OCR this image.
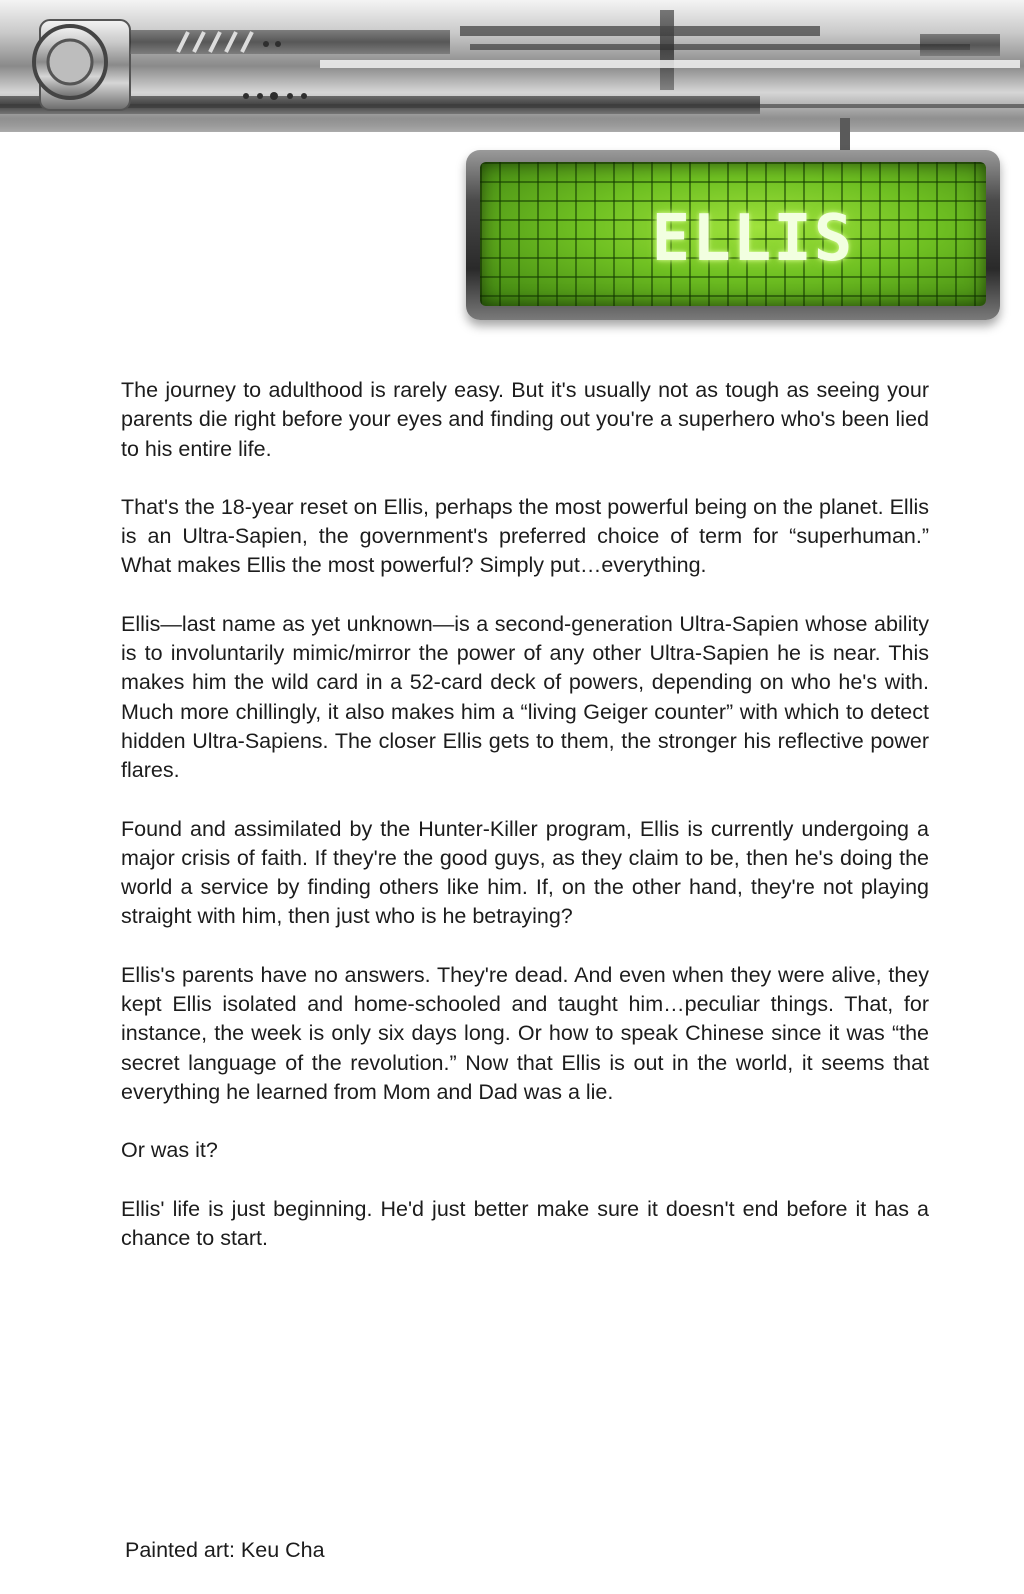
ELLIS

The journey to adulthood is rarely easy. But it's usually not as tough as seeing your parents die right before your eyes and finding out you're a superhero who's been lied to his entire life.

That's the 18-year reset on Ellis, perhaps the most powerful being on the planet. Ellis is an Ultra-Sapien, the government's preferred choice of term for “superhuman.” What makes Ellis the most powerful? Simply put…everything.

Ellis—last name as yet unknown—is a second-generation Ultra-Sapien whose ability is to involuntarily mimic/mirror the power of any other Ultra-Sapien he is near. This makes him the wild card in a 52-card deck of powers, depending on who he's with. Much more chillingly, it also makes him a “living Geiger counter” with which to detect hidden Ultra-Sapiens. The closer Ellis gets to them, the stronger his reflective power flares.

Found and assimilated by the Hunter-Killer program, Ellis is currently undergoing a major crisis of faith. If they're the good guys, as they claim to be, then he's doing the world a service by finding others like him. If, on the other hand, they're not playing straight with him, then just who is he betraying?

Ellis's parents have no answers. They're dead. And even when they were alive, they kept Ellis isolated and home-schooled and taught him…peculiar things. That, for instance, the week is only six days long. Or how to speak Chinese since it was “the secret language of the revolution.” Now that Ellis is out in the world, it seems that everything he learned from Mom and Dad was a lie.

Or was it?

Ellis' life is just beginning. He'd just better make sure it doesn't end before it has a chance to start.

Painted art: Keu Cha
